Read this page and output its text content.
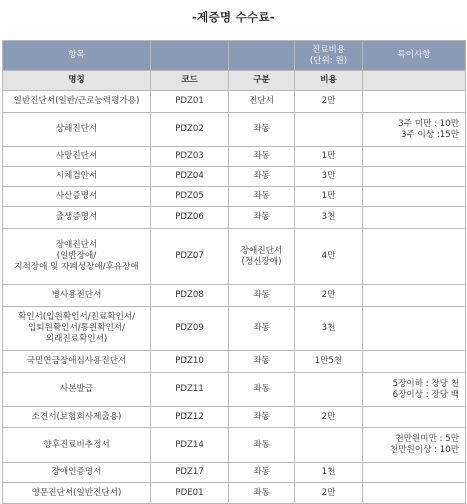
-제증명 수수료-
항목			진료비용
(단위: 원)	특이사항
명칭	코드	구분	비용	
일반진단서(일반/근로능력평가용)	PDZ01	진단서	2만	
상해진단서	PDZ02	좌동		3주 미만 : 10만
3주 이상 :15만
사망진단서	PDZ03	좌동	1만	
시체검안서	PDZ04	좌동	3만	
사산증명서	PDZ05	좌동	1만	
출생증명서	PDZ06	좌동	3천	
장애진단서
(일반장애/
지적장애 및 자폐성장애/후유장애	PDZ07	장애진단서
(정신장애)	4만	
병사용진단서	PDZ08	좌동	2만	
확인서(입원확인서/진료확인서/
입퇴원확인서/통원확인서/
외래진료확인서)	PDZ09	좌동	3천	
국민연금장애심사용진단서	PDZ10	좌동	1만5천	
사본발급	PDZ11	좌동		5장이하 : 장당 천
6장이상 : 장당 백
소견서(보험회사제출용)	PDZ12	좌동	2만	
향후진료비추정서	PDZ14	좌동		천만원미만 : 5만
천만원이상 : 10만
장애인증명서	PDZ17	좌동	1천	
영문진단서(일반진단서)	PDE01	좌동	2만	
